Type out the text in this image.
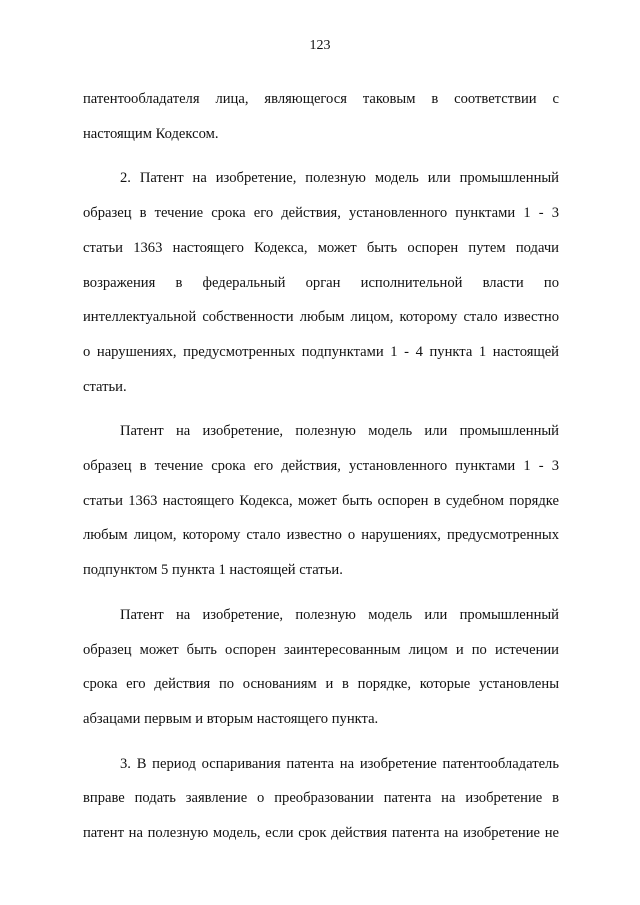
123

патентообладателя лица, являющегося таковым в соответствии с
настоящим Кодексом.

2. Патент на изобретение, полезную модель или промышленный
образец в течение срока его действия, установленного пунктами 1 - 3
статьи 1363 настоящего Кодекса, может быть оспорен путем подачи
возражения в федеральный орган исполнительной власти по
интеллектуальной собственности любым лицом, которому стало известно
о нарушениях, предусмотренных подпунктами 1 - 4 пункта 1 настоящей
статьи.

Патент на изобретение, полезную модель или промышленный
образец в течение срока его действия, установленного пунктами 1 - 3
статьи 1363 настоящего Кодекса, может быть оспорен в судебном порядке
любым лицом, которому стало известно о нарушениях, предусмотренных
подпунктом 5 пункта 1 настоящей статьи.

Патент на изобретение, полезную модель или промышленный
образец может быть оспорен заинтересованным лицом и по истечении
срока его действия по основаниям и в порядке, которые установлены
абзацами первым и вторым настоящего пункта.

3. В период оспаривания патента на изобретение патентообладатель
вправе подать заявление о преобразовании патента на изобретение в
патент на полезную модель, если срок действия патента на изобретение не
